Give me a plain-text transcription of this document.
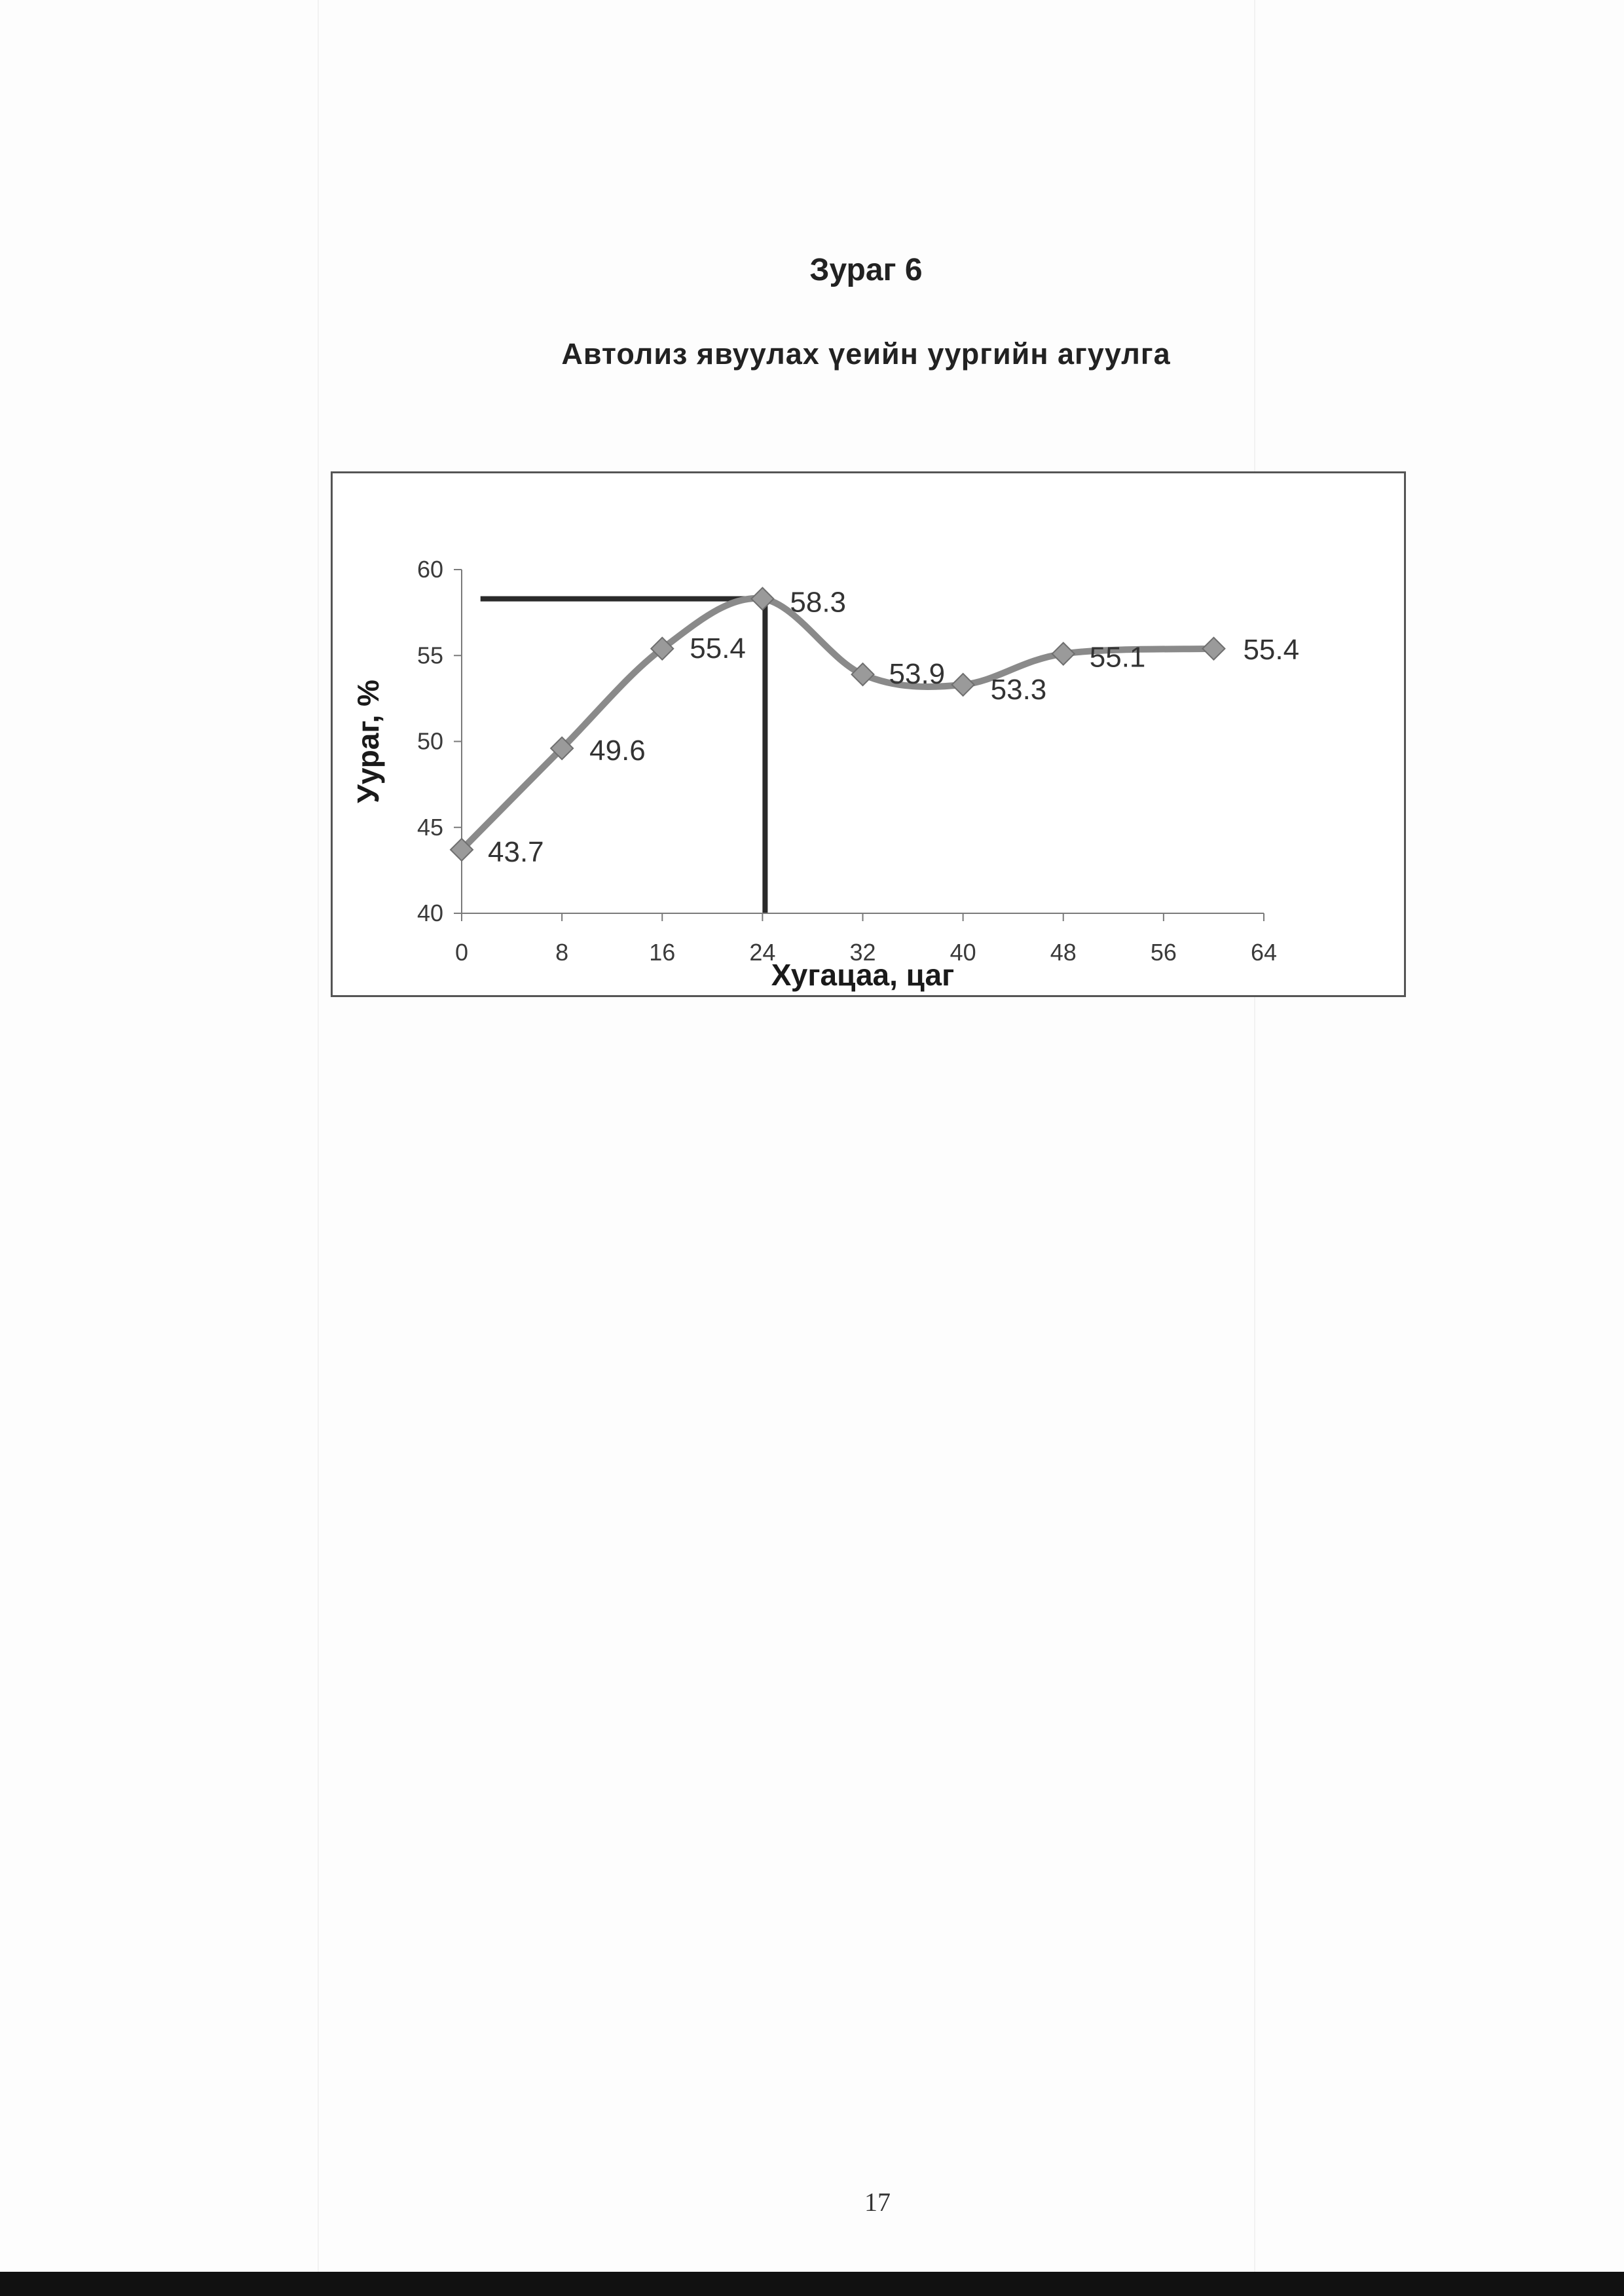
Зураг 6
Автолиз явуулах үеийн уургийн агуулга
40
45
50
55
60
0	8	16	24	32	40	48	56	64
43.7
49.6
55.4
58.3
53.9 53.3
55.1	55.4
Хугацаа, цаг
Уураг, %
17
